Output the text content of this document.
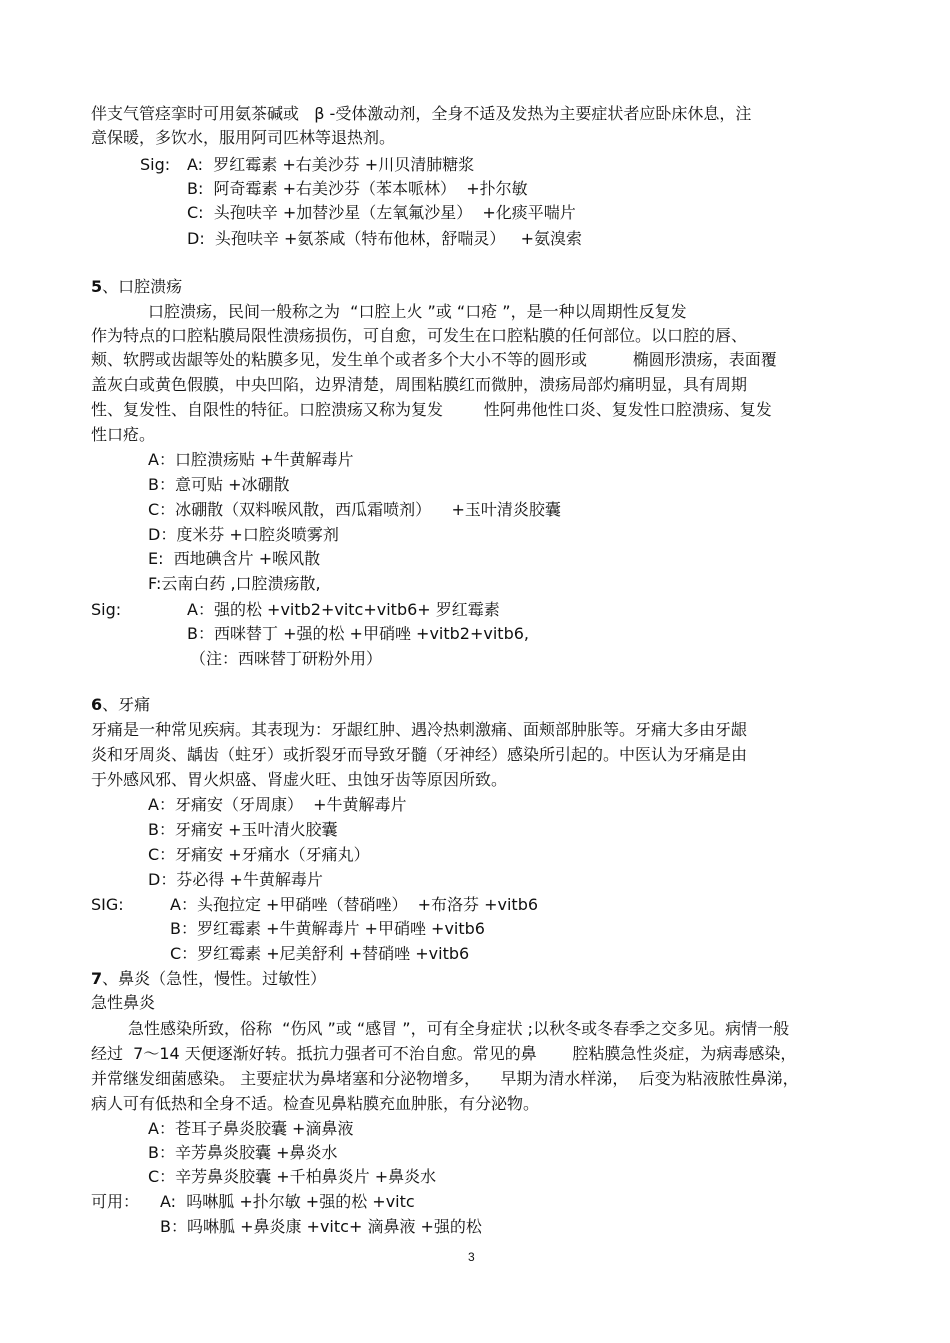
伴支气管痉挛时可用氨茶碱或   β -受体激动剂，全身不适及发热为主要症状者应卧床休息，注
意保暖，多饮水，服用阿司匹林等退热剂。
Sig: A:  罗红霉素 +右美沙芬 +川贝清肺糖浆
B:  阿奇霉素 +右美沙芬（苯本哌林）  +扑尔敏
C:  头孢呋辛 +加替沙星（左氧氟沙星）  +化痰平喘片
D:  头孢呋辛 +氨茶咸（特布他林，舒喘灵）   +氨溴索
5、口腔溃疡
口腔溃疡，民间一般称之为  “口腔上火 ”或 “口疮 ”，是一种以周期性反复发
作为特点的口腔粘膜局限性溃疡损伤，可自愈，可发生在口腔粘膜的任何部位。以口腔的唇、
颊、软腭或齿龈等处的粘膜多见，发生单个或者多个大小不等的圆形或         椭圆形溃疡，表面覆
盖灰白或黄色假膜，中央凹陷，边界清楚，周围粘膜红而微肿，溃疡局部灼痛明显，具有周期
性、复发性、自限性的特征。口腔溃疡又称为复发        性阿弗他性口炎、复发性口腔溃疡、复发
性口疮。
A：口腔溃疡贴 +牛黄解毒片
B：意可贴 +冰硼散
C：冰硼散（双料喉风散，西瓜霜喷剂）    +玉叶清炎胶囊
D：度米芬 +口腔炎喷雾剂
E:  西地碘含片 +喉风散
F:云南白药 ,口腔溃疡散,
Sig:	A：强的松 +vitb2+vitc+vitb6+ 罗红霉素
B：西咪替丁 +强的松 +甲硝唑 +vitb2+vitb6,
（注：西咪替丁研粉外用）
6、牙痛
牙痛是一种常见疾病。其表现为：牙龈红肿、遇冷热刺激痛、面颊部肿胀等。牙痛大多由牙龈
炎和牙周炎、龋齿（蛀牙）或折裂牙而导致牙髓（牙神经）感染所引起的。中医认为牙痛是由
于外感风邪、胃火炽盛、肾虚火旺、虫蚀牙齿等原因所致。
A：牙痛安（牙周康）  +牛黄解毒片
B：牙痛安 +玉叶清火胶囊
C：牙痛安 +牙痛水（牙痛丸）
D：芬必得 +牛黄解毒片
SIG:	A：头孢拉定 +甲硝唑（替硝唑）  +布洛芬 +vitb6
B：罗红霉素 +牛黄解毒片 +甲硝唑 +vitb6
C：罗红霉素 +尼美舒利 +替硝唑 +vitb6
7、鼻炎（急性，慢性。过敏性）
急性鼻炎
急性感染所致，俗称  “伤风 ”或 “感冒 ”，可有全身症状 ;以秋冬或冬春季之交多见。病情一般
经过  7～14 天便逐渐好转。抵抗力强者可不治自愈。常见的鼻       腔粘膜急性炎症，为病毒感染，
并常继发细菌感染。 主要症状为鼻堵塞和分泌物增多，    早期为清水样涕，  后变为粘液脓性鼻涕，
病人可有低热和全身不适。检查见鼻粘膜充血肿胀，有分泌物。
A：苍耳子鼻炎胶囊 +滴鼻液
B：辛芳鼻炎胶囊 +鼻炎水
C：辛芳鼻炎胶囊 +千柏鼻炎片 +鼻炎水
可用： A:  吗啉胍 +扑尔敏 +强的松 +vitc
B：吗啉胍 +鼻炎康 +vitc+ 滴鼻液 +强的松
3
